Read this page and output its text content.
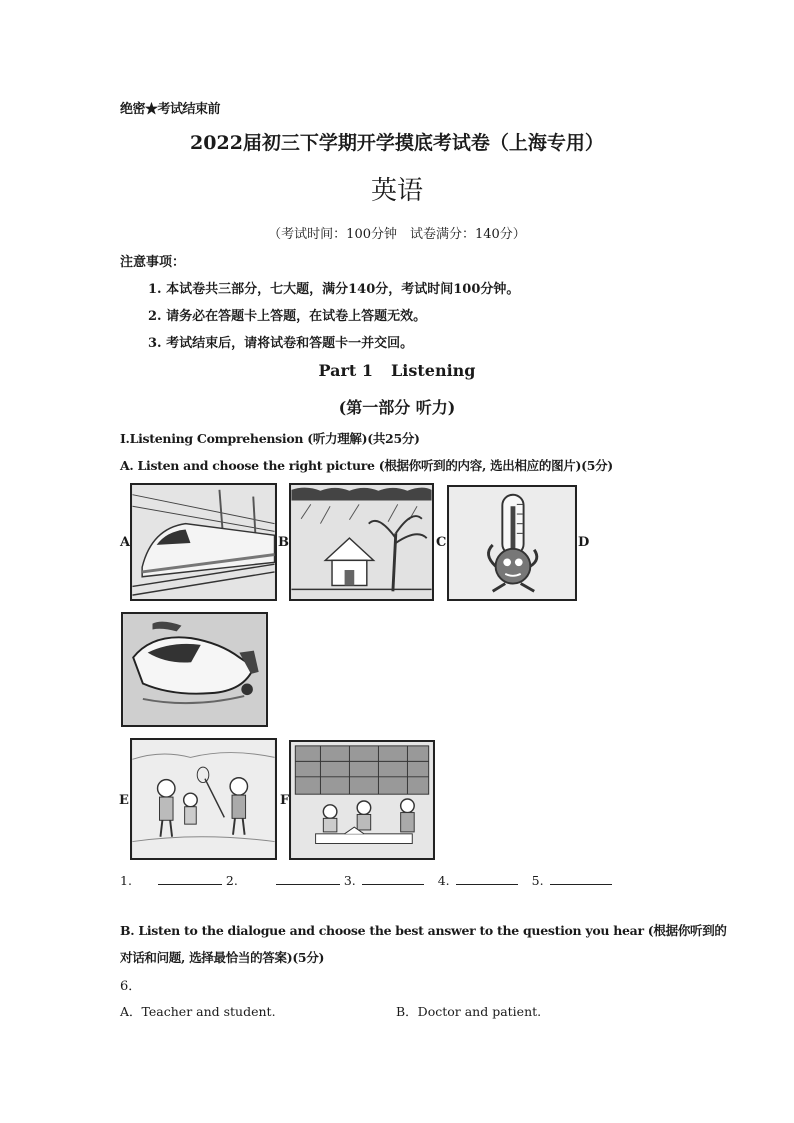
绝密★考试结束前
2022届初三下学期开学摸底考试卷（上海专用）
英语
（考试时间：100分钟　试卷满分：140分）
注意事项：
1. 本试卷共三部分，七大题，满分140分，考试时间100分钟。
2. 请务必在答题卡上答题，在试卷上答题无效。
3. 考试结束后，请将试卷和答题卡一并交回。
Part 1 Listening
(第一部分 听力)
I.Listening Comprehension (听力理解)(共25分)
A. Listen and choose the right picture (根据你听到的内容, 选出相应的图片)(5分)
A	B	C	D
E	F
1.	2.	3.	4.	5.
B. Listen to the dialogue and choose the best answer to the question you hear (根据你听到的
对话和问题, 选择最恰当的答案)(5分)
6．
A．Teacher and student.	B．Doctor and patient.
